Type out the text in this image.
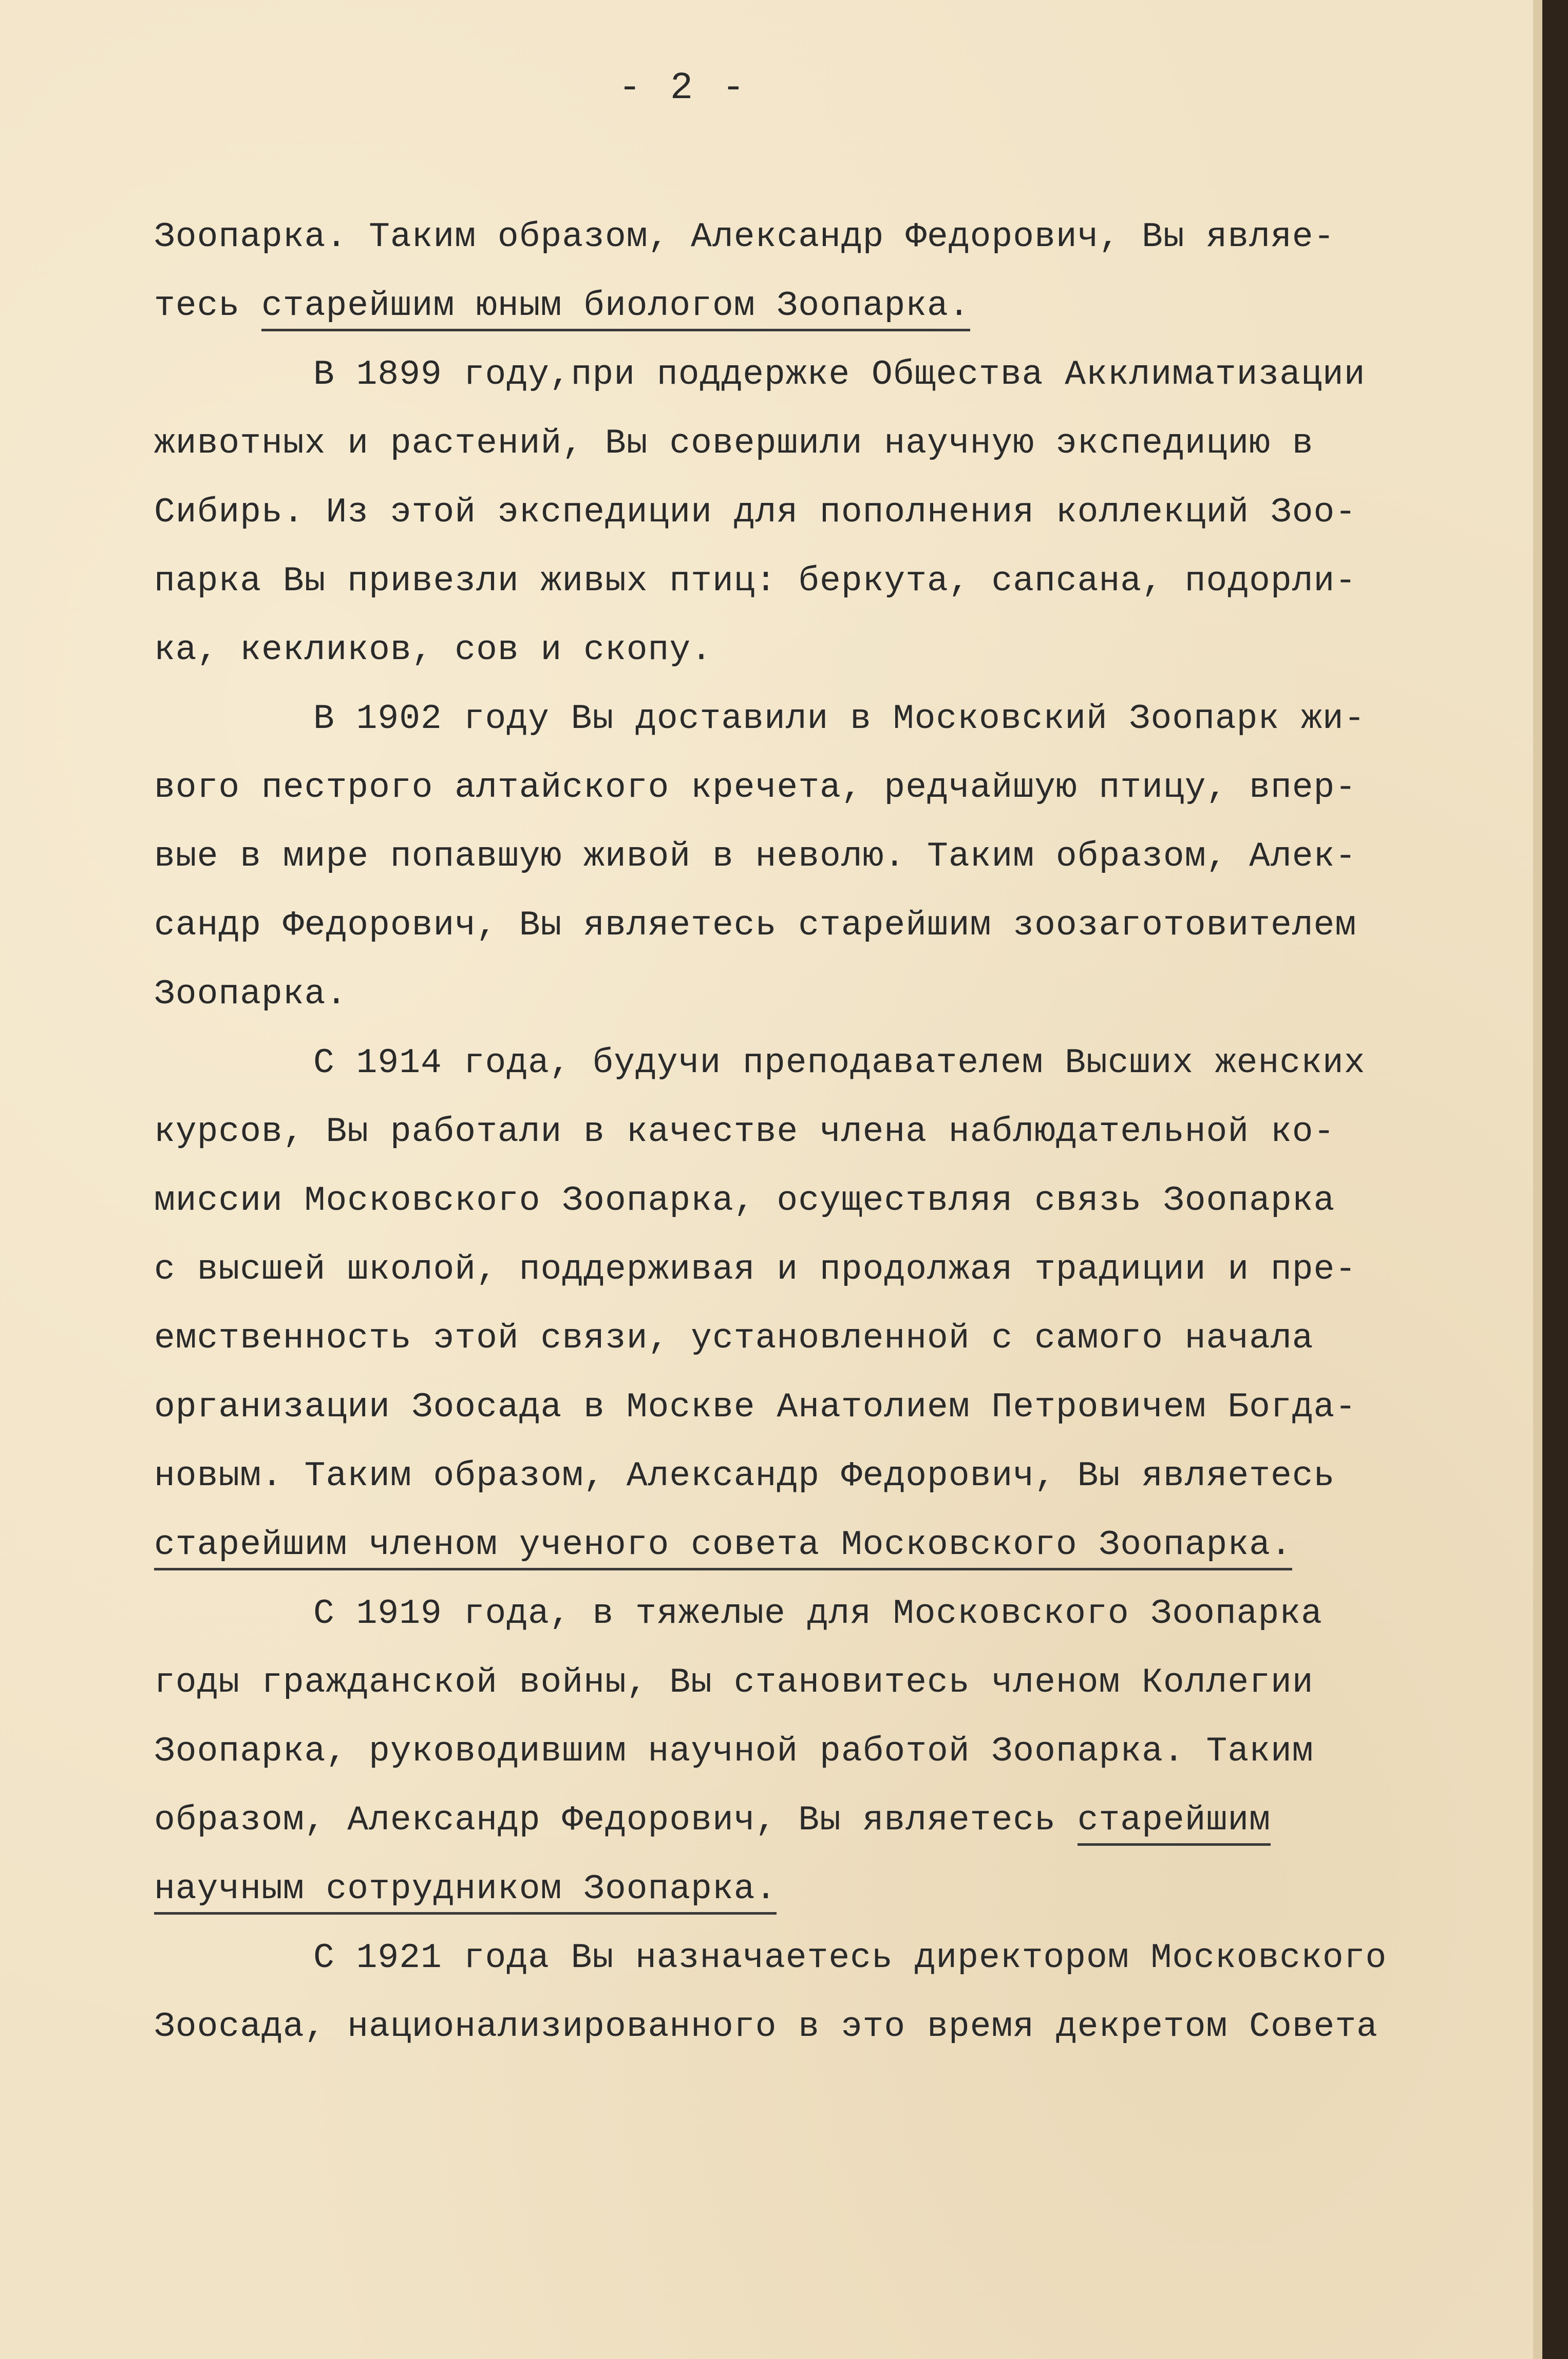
- 2 -
Зоопарка. Таким образом, Александр Федорович, Вы являе-
тесь старейшим юным биологом Зоопарка.
В 1899 году,при поддержке Общества Акклиматизации
животных и растений, Вы совершили научную экспедицию в
Сибирь. Из этой экспедиции для пополнения коллекций Зоо-
парка Вы привезли живых птиц: беркута, сапсана, подорли-
ка, кекликов, сов и скопу.
В 1902 году Вы доставили в Московский Зоопарк жи-
вого пестрого алтайского кречета, редчайшую птицу, впер-
вые в мире попавшую живой в неволю. Таким образом, Алек-
сандр Федорович, Вы являетесь старейшим зоозаготовителем
Зоопарка.
С 1914 года, будучи преподавателем Высших женских
курсов, Вы работали в качестве члена наблюдательной ко-
миссии Московского Зоопарка, осуществляя связь Зоопарка
с высшей школой, поддерживая и продолжая традиции и пре-
емственность этой связи, установленной с самого начала
организации Зоосада в Москве Анатолием Петровичем Богда-
новым. Таким образом, Александр Федорович, Вы являетесь
старейшим членом ученого совета Московского Зоопарка.
С 1919 года, в тяжелые для Московского Зоопарка
годы гражданской войны, Вы становитесь членом Коллегии
Зоопарка, руководившим научной работой Зоопарка. Таким
образом, Александр Федорович, Вы являетесь старейшим
научным сотрудником Зоопарка.
С 1921 года Вы назначаетесь директором Московского
Зоосада, национализированного в это время декретом Совета
